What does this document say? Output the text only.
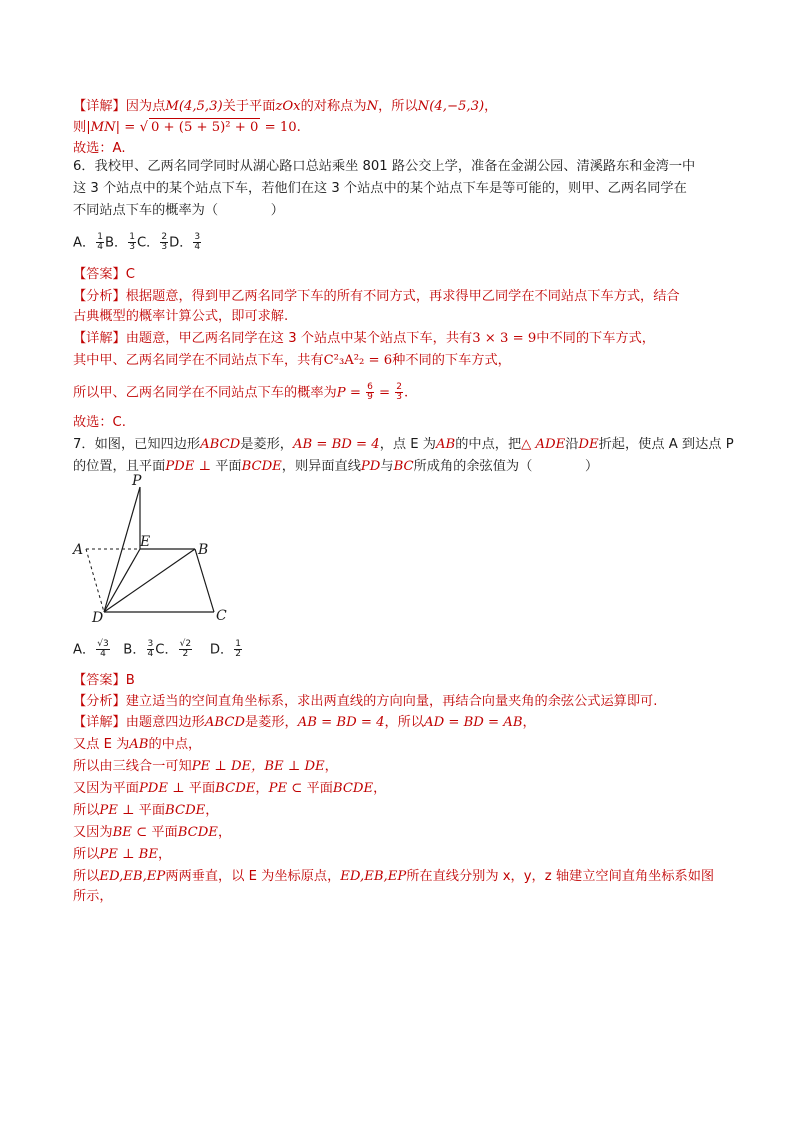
【详解】因为点M(4,5,3)关于平面zOx的对称点为N，所以N(4,−5,3)，
则|MN| = √ 0 + (5 + 5)² + 0 = 10.
故选：A.
6．我校甲、乙两名同学同时从湖心路口总站乘坐 801 路公交上学，准备在金湖公园、清溪路东和金湾一中
这 3 个站点中的某个站点下车，若他们在这 3 个站点中的某个站点下车是等可能的，则甲、乙两名同学在
不同站点下车的概率为（　　　　）
A． $\frac{1}{4}$ B． $\frac{1}{3}$ C． $\frac{2}{3}$ D． $\frac{3}{4}$
【答案】C
【分析】根据题意，得到甲乙两名同学下车的所有不同方式，再求得甲乙同学在不同站点下车方式，结合
古典概型的概率计算公式，即可求解.
【详解】由题意，甲乙两名同学在这 3 个站点中某个站点下车，共有3 × 3 = 9中不同的下车方式，
其中甲、乙两名同学在不同站点下车，共有C²₃A²₂ = 6种不同的下车方式，
所以甲、乙两名同学在不同站点下车的概率为$P = \frac{6}{9} = \frac{2}{3}$ .
故选：C.
7．如图，已知四边形ABCD是菱形，AB = BD = 4，点 E 为AB的中点，把△ ADE沿DE折起，使点 A 到达点 P
的位置，且平面PDE ⊥ 平面BCDE，则异面直线PD与BC所成角的余弦值为（　　　　）
P
E	B
A
D	C
A． $\frac{√3}{4}$ B． $\frac{3}{4}$ C． $\frac{√2}{2}$ D． $\frac{1}{2}$
【答案】B
【分析】建立适当的空间直角坐标系，求出两直线的方向向量，再结合向量夹角的余弦公式运算即可.
【详解】由题意四边形ABCD是菱形，AB = BD = 4，所以AD = BD = AB，
又点 E 为AB的中点，
所以由三线合一可知PE ⊥ DE，BE ⊥ DE，
又因为平面PDE ⊥ 平面BCDE，PE ⊂ 平面BCDE，
所以PE ⊥ 平面BCDE，
又因为BE ⊂ 平面BCDE，
所以PE ⊥ BE，
所以ED,EB,EP两两垂直，以 E 为坐标原点，ED,EB,EP所在直线分别为 x，y，z 轴建立空间直角坐标系如图
所示，
